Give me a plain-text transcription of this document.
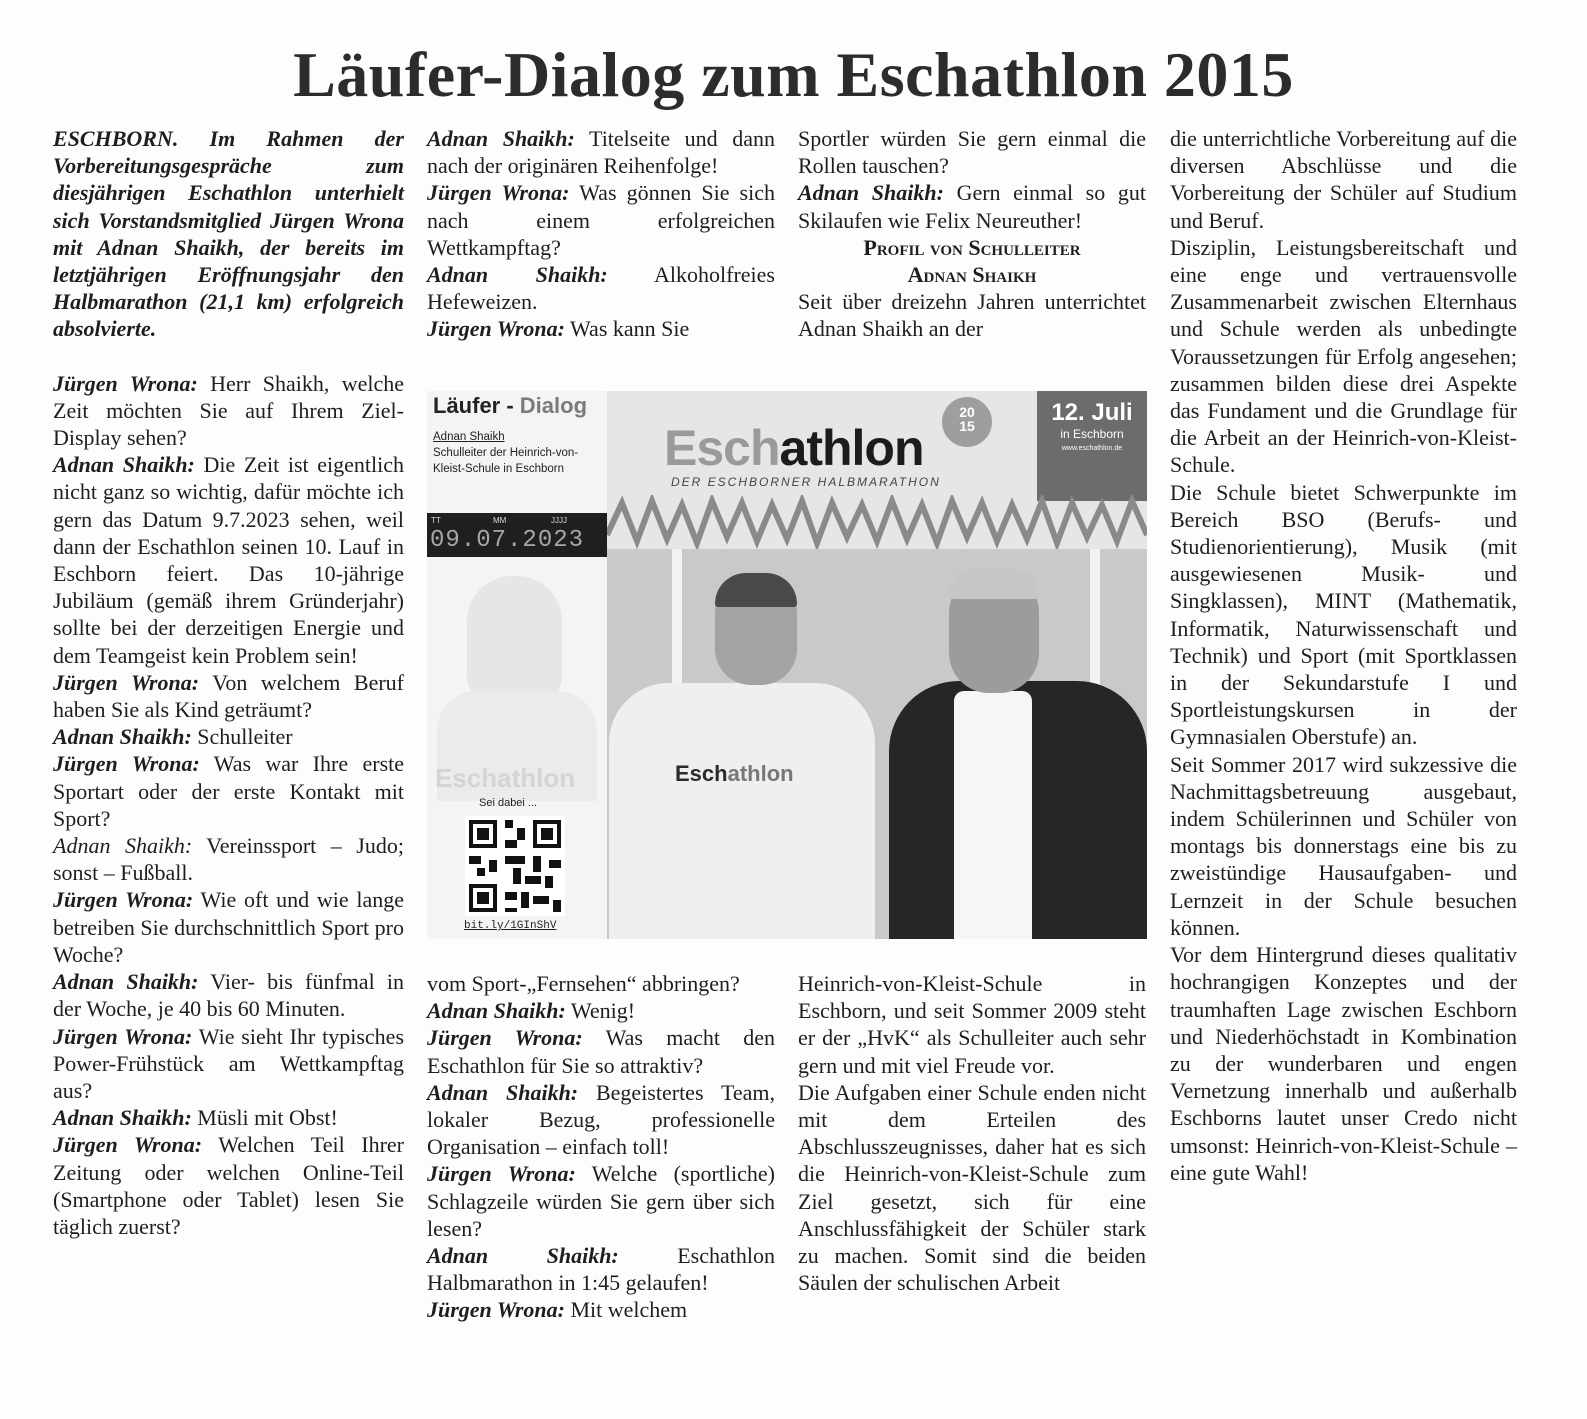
Läufer-Dialog zum Eschathlon 2015

ESCHBORN. Im Rahmen der Vorbereitungsgespräche zum diesjährigen Eschathlon unterhielt sich Vorstandsmitglied Jürgen Wrona mit Adnan Shaikh, der bereits im letztjährigen Eröffnungsjahr den Halbmarathon (21,1 km) erfolgreich absolvierte.

Jürgen Wrona: Herr Shaikh, welche Zeit möchten Sie auf Ihrem Ziel-Display sehen?

Adnan Shaikh: Die Zeit ist eigentlich nicht ganz so wichtig, dafür möchte ich gern das Datum 9.7.2023 sehen, weil dann der Eschathlon seinen 10. Lauf in Eschborn feiert. Das 10-jährige Jubiläum (gemäß ihrem Gründerjahr) sollte bei der derzeitigen Energie und dem Teamgeist kein Problem sein!

Jürgen Wrona: Von welchem Beruf haben Sie als Kind geträumt?

Adnan Shaikh: Schulleiter

Jürgen Wrona: Was war Ihre erste Sportart oder der erste Kontakt mit Sport?

Adnan Shaikh: Vereinssport – Judo; sonst – Fußball.

Jürgen Wrona: Wie oft und wie lange betreiben Sie durchschnittlich Sport pro Woche?

Adnan Shaikh: Vier- bis fünfmal in der Woche, je 40 bis 60 Minuten.

Jürgen Wrona: Wie sieht Ihr typisches Power-Frühstück am Wettkampftag aus?

Adnan Shaikh: Müsli mit Obst!

Jürgen Wrona: Welchen Teil Ihrer Zeitung oder welchen Online-Teil (Smartphone oder Tablet) lesen Sie täglich zuerst?

Adnan Shaikh: Titelseite und dann nach der originären Reihenfolge!

Jürgen Wrona: Was gönnen Sie sich nach einem erfolgreichen Wettkampftag?

Adnan Shaikh: Alkoholfreies Hefeweizen.

Jürgen Wrona: Was kann Sie

Sportler würden Sie gern einmal die Rollen tauschen?

Adnan Shaikh: Gern einmal so gut Skilaufen wie Felix Neureuther!

Profil von Schulleiter

Adnan Shaikh

Seit über dreizehn Jahren unterrichtet Adnan Shaikh an der

Läufer - Dialog
Adnan Shaikh
Schulleiter der Heinrich-von-Kleist-Schule in Eschborn
TT	MM	JJJJ
09.07.2023
Eschathlon
Sei dabei ...
bit.ly/1GInShV
Eschathlon
DER ESCHBORNER HALBMARATHON
20
15	12. Juli
in Eschborn
www.eschathlon.de
Eschathlon

vom Sport-„Fernsehen“ abbringen?

Adnan Shaikh: Wenig!

Jürgen Wrona: Was macht den Eschathlon für Sie so attraktiv?

Adnan Shaikh: Begeistertes Team, lokaler Bezug, professionelle Organisation – einfach toll!

Jürgen Wrona: Welche (sportliche) Schlagzeile würden Sie gern über sich lesen?

Adnan Shaikh: Eschathlon Halbmarathon in 1:45 gelaufen!

Jürgen Wrona: Mit welchem

Heinrich-von-Kleist-Schule in Eschborn, und seit Sommer 2009 steht er der „HvK“ als Schulleiter auch sehr gern und mit viel Freude vor.

Die Aufgaben einer Schule enden nicht mit dem Erteilen des Abschlusszeugnisses, daher hat es sich die Heinrich-von-Kleist-Schule zum Ziel gesetzt, sich für eine Anschlussfähigkeit der Schüler stark zu machen. Somit sind die beiden Säulen der schulischen Arbeit

die unterrichtliche Vorbereitung auf die diversen Abschlüsse und die Vorbereitung der Schüler auf Studium und Beruf.

Disziplin, Leistungsbereitschaft und eine enge und vertrauensvolle Zusammenarbeit zwischen Elternhaus und Schule werden als unbedingte Voraussetzungen für Erfolg angesehen; zusammen bilden diese drei Aspekte das Fundament und die Grundlage für die Arbeit an der Heinrich-von-Kleist-Schule.

Die Schule bietet Schwerpunkte im Bereich BSO (Berufs- und Studienorientierung), Musik (mit ausgewiesenen Musik- und Singklassen), MINT (Mathematik, Informatik, Naturwissenschaft und Technik) und Sport (mit Sportklassen in der Sekundarstufe I und Sportleistungskursen in der Gymnasialen Oberstufe) an.

Seit Sommer 2017 wird sukzessive die Nachmittagsbetreuung ausgebaut, indem Schülerinnen und Schüler von montags bis donnerstags eine bis zu zweistündige Hausaufgaben- und Lernzeit in der Schule besuchen können.

Vor dem Hintergrund dieses qualitativ hochrangigen Konzeptes und der traumhaften Lage zwischen Eschborn und Niederhöchstadt in Kombination zu der wunderbaren und engen Vernetzung innerhalb und außerhalb Eschborns lautet unser Credo nicht umsonst: Heinrich-von-Kleist-Schule – eine gute Wahl!
